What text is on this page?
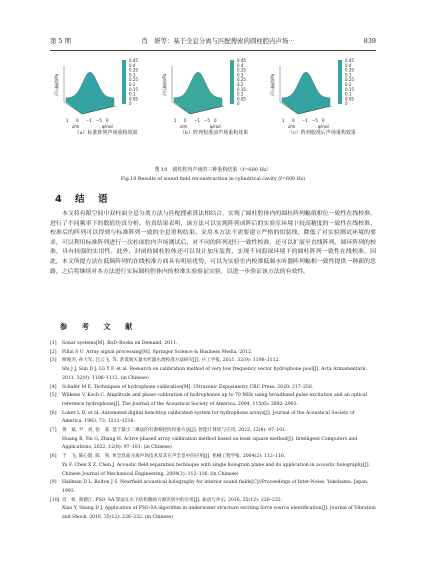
第 5 期	肖　妍等：基于全息分离与匹配搜索的圆柱腔内声场⋯	839
0.45
0.4
0.35
0.3
0.25
0.2
0.15
0.1
0.05
0
声压幅值/Pa
1 0 −1 −5 0
z/m	φ/rad
（a）标准阵列声场重构效果
0.45
0.4
0.35
0.3
0.25
0.2
0.15
0.1
0.05
0
声压幅值/Pa
1 0 −1 −5 0
z/m	φ/rad
（b）阵列校准前声场重构效果
0.45
0.4
0.35
0.3
0.25
0.2
0.15
0.1
0.05
0
声压幅值/Pa
1 0 −1 −5 0
z/m	φ/rad
（c）阵列校准后声场重构效果
图 10　圆柱腔内声场的三种重构结果（f=600 Hz）
Fig.10 Results of sound field reconstruction in cylindrical cavity (f=600 Hz)
4 结 语
本文将有限空间中双柱面全息分离方法与匹配搜索算法相结合，实现了圆柱腔体内的圆柱阵列幅值相位一致性在线校准，进行了不同频率下的数值仿真分析。仿真结果表明，该方法可以实现阵列成阵后的实验室环境下较高精度的一致性在线校准，校准后的阵列可以得到与标准阵列一致的全息重构结果。采用本方法不需要建立严格的组装线，降低了对实验测试环境的要求，可以利用标准阵列进行一次柱面腔内声场测试后，对不同的阵列进行一致性校准，还可以扩展至直线阵列、圆环阵列的校准，具有较强的实用性。此外，封闭的圆柱腔体还可以设计加压装置，实现不同海深环境下的圆柱阵列一致性在线校准，因此，本文所提方法在低频阵列的在线校准方面具有明显优势，可以为实验室内校准低频水听器阵列幅相一致性提供一种新的思路，之后将继续对本方法进行实际圆柱腔体内的校准实验验证实验，以进一步验证该方法的有效性。
参 考 文 献
[1]	Sonar systems[M]. BoD–Books on Demand, 2011.
[2]	Pillai S U. Array signal processing[M]. Springer Science & Business Media, 2012.
[3]	师俊杰, 孙大军, 吕云飞, 等. 甚低频矢量水听器水池校准方法研究[J]. 兵工学报, 2011, 32(9): 1106–1112.
Shi J J, Sun D J, Lü Y F, et al. Research on calibration method of very low frequency vector hydrophone pool[J]. Acta Armamentarii, 2011, 32(9): 1106–1112. (in Chinese)
[4]	Schafer M E. Techniques of hydrophone calibration[M]. Ultrasonic Exposimetry CRC Press, 2020: 217–256.
[5]	Wilkens V, Koch C. Amplitude and phase calibration of hydrophones up to 70 MHz using broadband pulse excitation and an optical reference hydrophone[J]. The Journal of the Acoustical Society of America, 2004, 115(6): 2892–2903.
[6]	Luker L D, et al. Automated digital benchtop calibration system for hydrophone arrays[J]. Journal of the Acoustical Society of America, 1983, 73: 1212–1216.
[7]	黄　斌, 尹　亮, 张　某. 基于最小二乘法的有源相控阵校准方法[J]. 智能计算机与应用, 2022, 12(8): 97–101.
Huang B, Yin G, Zhang H. Active phased array calibration method based on least square method[J]. Intelligent Computers and Applications, 2022, 12(8): 97–101. (in Chinese)
[8]	于　飞, 陈心昭, 陈　剑. 单全息面分离声场技术及其在声全息中的应用[J]. 机械工程学报, 2004(2): 112–116.
Yu F, Chen X Z, Chen J. Acoustic field separation technique with single hologram plane and its application in acoustic holography[J]. Chinese Journal of Mechanical Engineering, 2004(2): 112–116. (in Chinese)
[9]	Hallman D L, Bolton J S. Nearfield acoustical holography for interior sound fields[C]//Proceedings of Inter-Noise, Yokohama, Japan, 1993.
[10] 肖　妍, 商德江. PSO_SA 算法在水下结构激励力源识别中的应用[J]. 振动与冲击, 2016, 35(12): 226–232.
Xiao Y, Shang D J. Application of PSO-SA algorithm in underwater structure exciting force source identification[J]. Journal of Vibration and Shock, 2016, 35(12): 226–232. (in Chinese)
